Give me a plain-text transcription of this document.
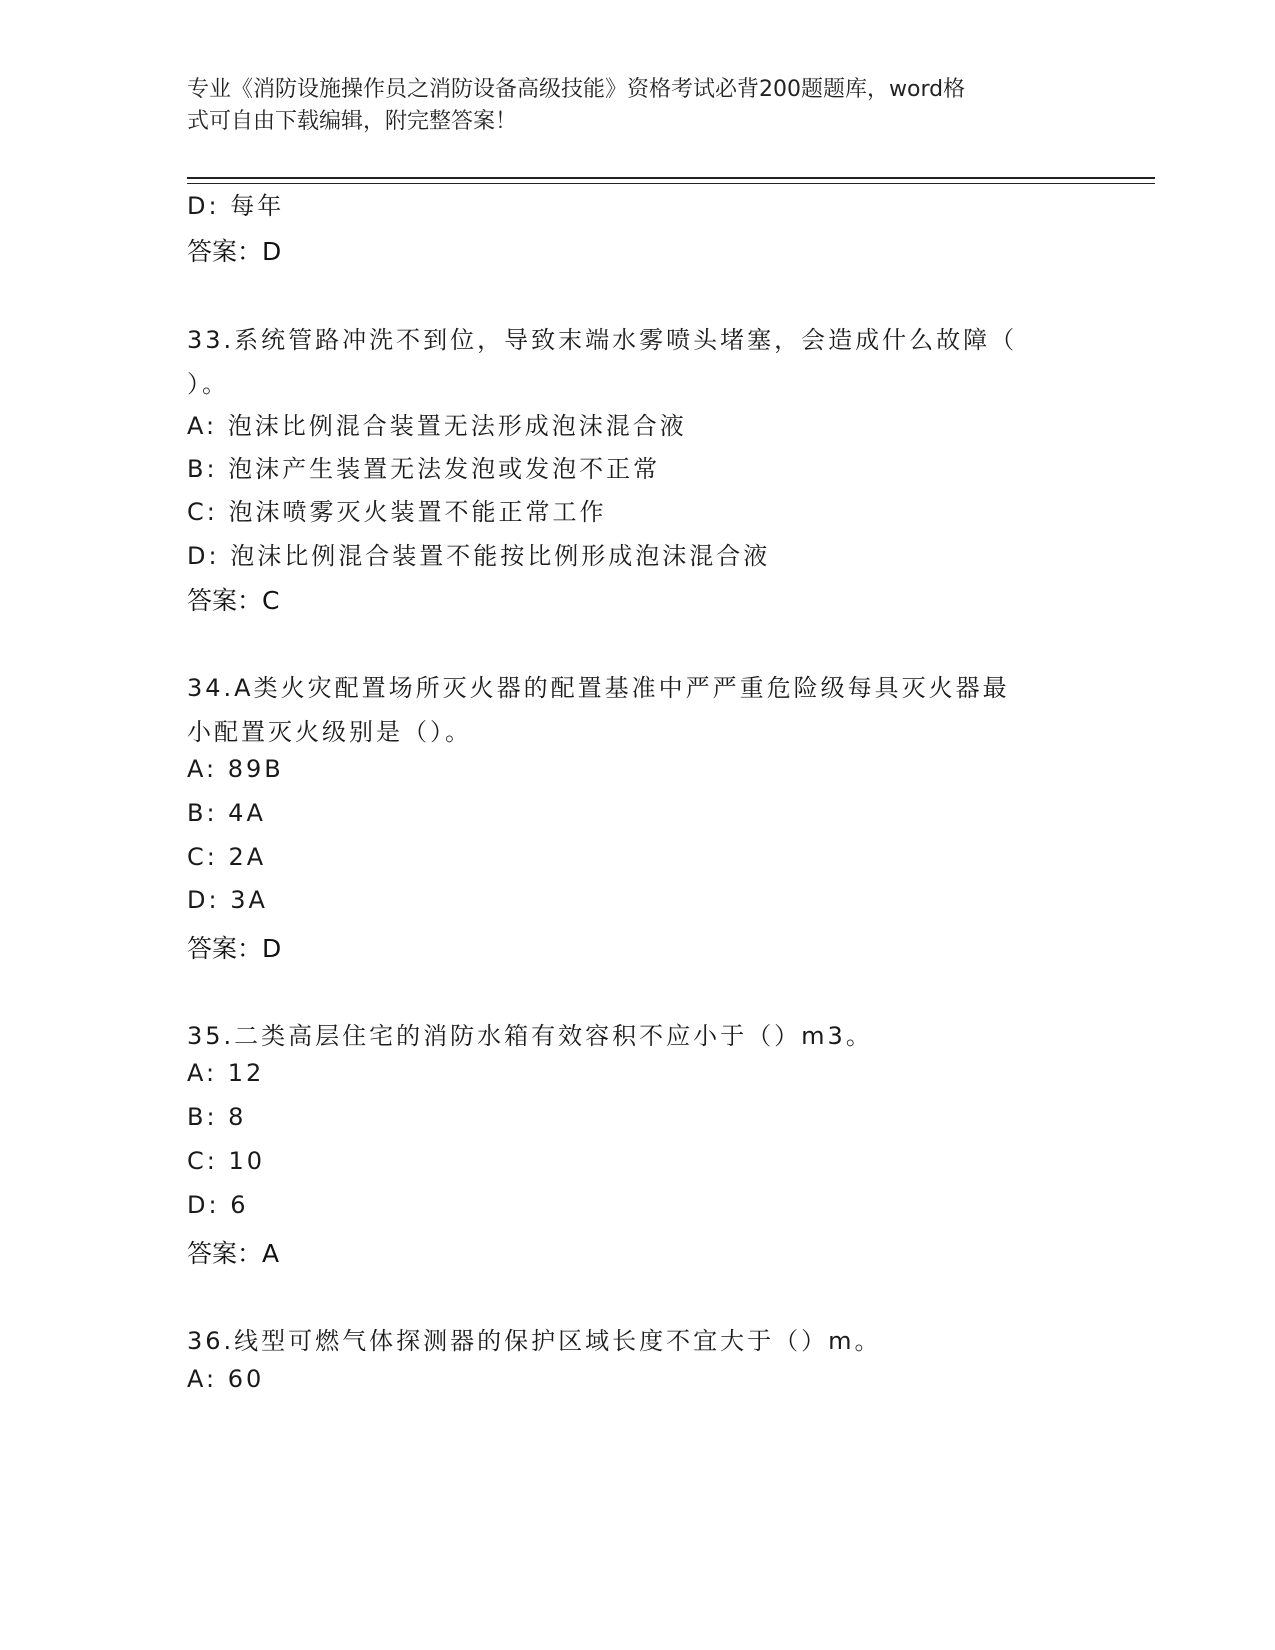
专业《消防设施操作员之消防设备高级技能》资格考试必背200题题库，word格
式可自由下载编辑，附完整答案！
D: 每年
答案：D
33.系统管路冲洗不到位，导致末端水雾喷头堵塞，会造成什么故障（
）。
A: 泡沫比例混合装置无法形成泡沫混合液
B: 泡沫产生装置无法发泡或发泡不正常
C: 泡沫喷雾灭火装置不能正常工作
D: 泡沫比例混合装置不能按比例形成泡沫混合液
答案：C
34.A类火灾配置场所灭火器的配置基准中严严重危险级每具灭火器最
小配置灭火级别是（）。
A: 89B
B: 4A
C: 2A
D: 3A
答案：D
35.二类高层住宅的消防水箱有效容积不应小于（）m3。
A: 12
B: 8
C: 10
D: 6
答案：A
36.线型可燃气体探测器的保护区域长度不宜大于（）m。
A: 60
